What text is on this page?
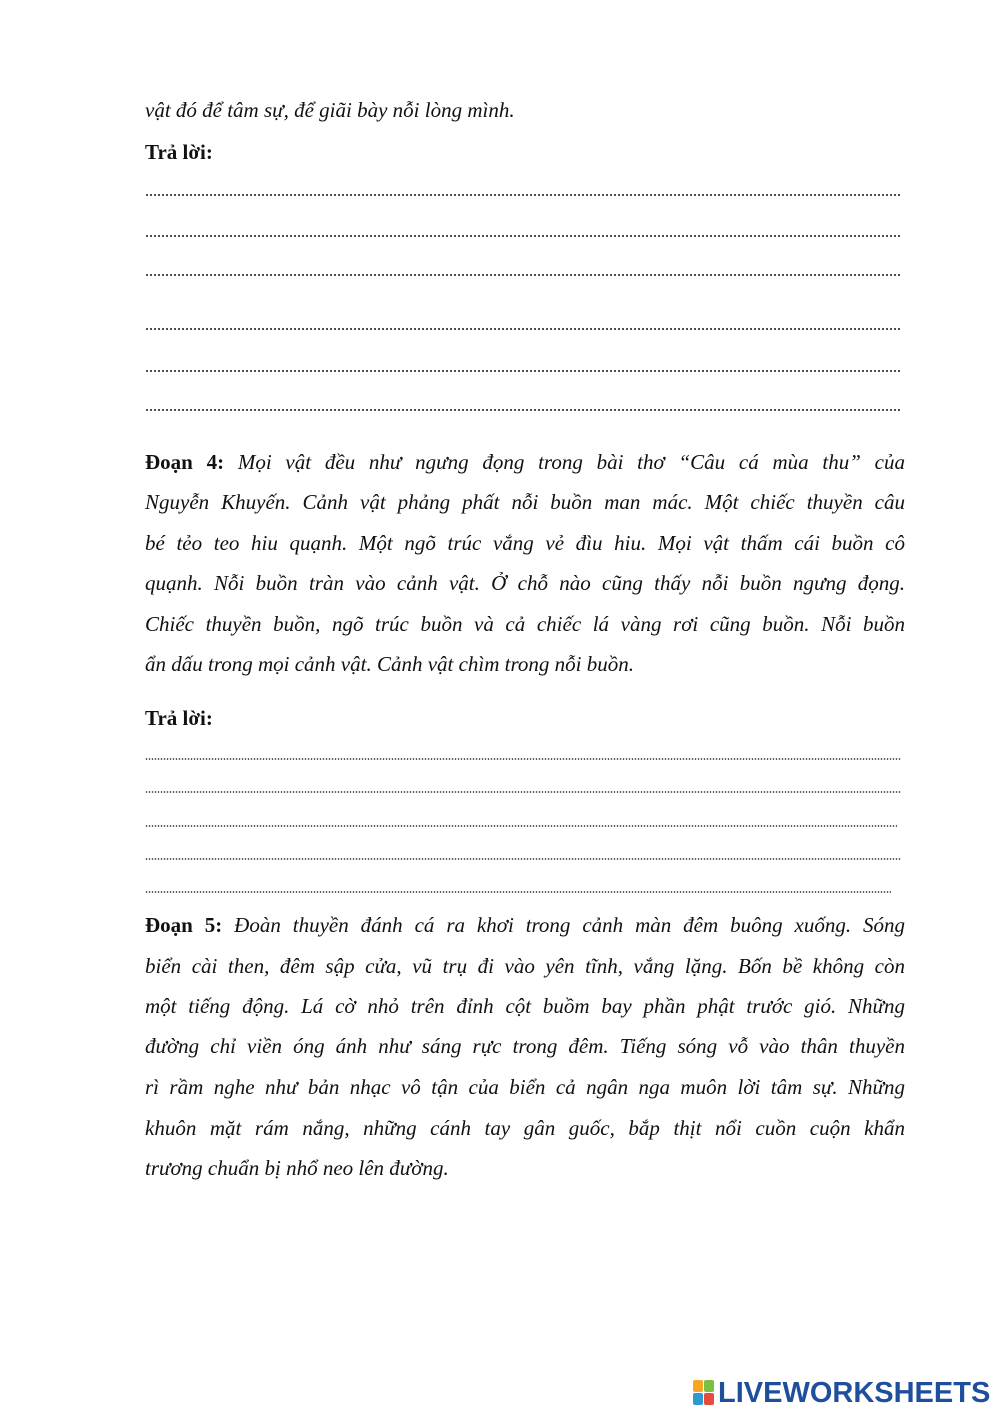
vật đó để tâm sự, để giãi bày nỗi lòng mình.
Trả lời:
Đoạn 4: Mọi vật đều như ngưng đọng trong bài thơ “Câu cá mùa thu” của
Nguyễn Khuyến. Cảnh vật phảng phất nỗi buồn man mác. Một chiếc thuyền câu
bé tẻo teo hiu quạnh. Một ngõ trúc vắng vẻ đìu hiu. Mọi vật thấm cái buồn cô
quạnh. Nỗi buồn tràn vào cảnh vật. Ở chỗ nào cũng thấy nỗi buồn ngưng đọng.
Chiếc thuyền buồn, ngõ trúc buồn và cả chiếc lá vàng rơi cũng buồn. Nỗi buồn
ẩn dấu trong mọi cảnh vật. Cảnh vật chìm trong nỗi buồn.
Trả lời:
Đoạn 5: Đoàn thuyền đánh cá ra khơi trong cảnh màn đêm buông xuống. Sóng
biển cài then, đêm sập cửa, vũ trụ đi vào yên tĩnh, vắng lặng. Bốn bề không còn
một tiếng động. Lá cờ nhỏ trên đỉnh cột buồm bay phần phật trước gió. Những
đường chỉ viền óng ánh như sáng rực trong đêm. Tiếng sóng vỗ vào thân thuyền
rì rầm nghe như bản nhạc vô tận của biển cả ngân nga muôn lời tâm sự. Những
khuôn mặt rám nắng, những cánh tay gân guốc, bắp thịt nổi cuồn cuộn khẩn
trương chuẩn bị nhổ neo lên đường.
LIVEWORKSHEETS
